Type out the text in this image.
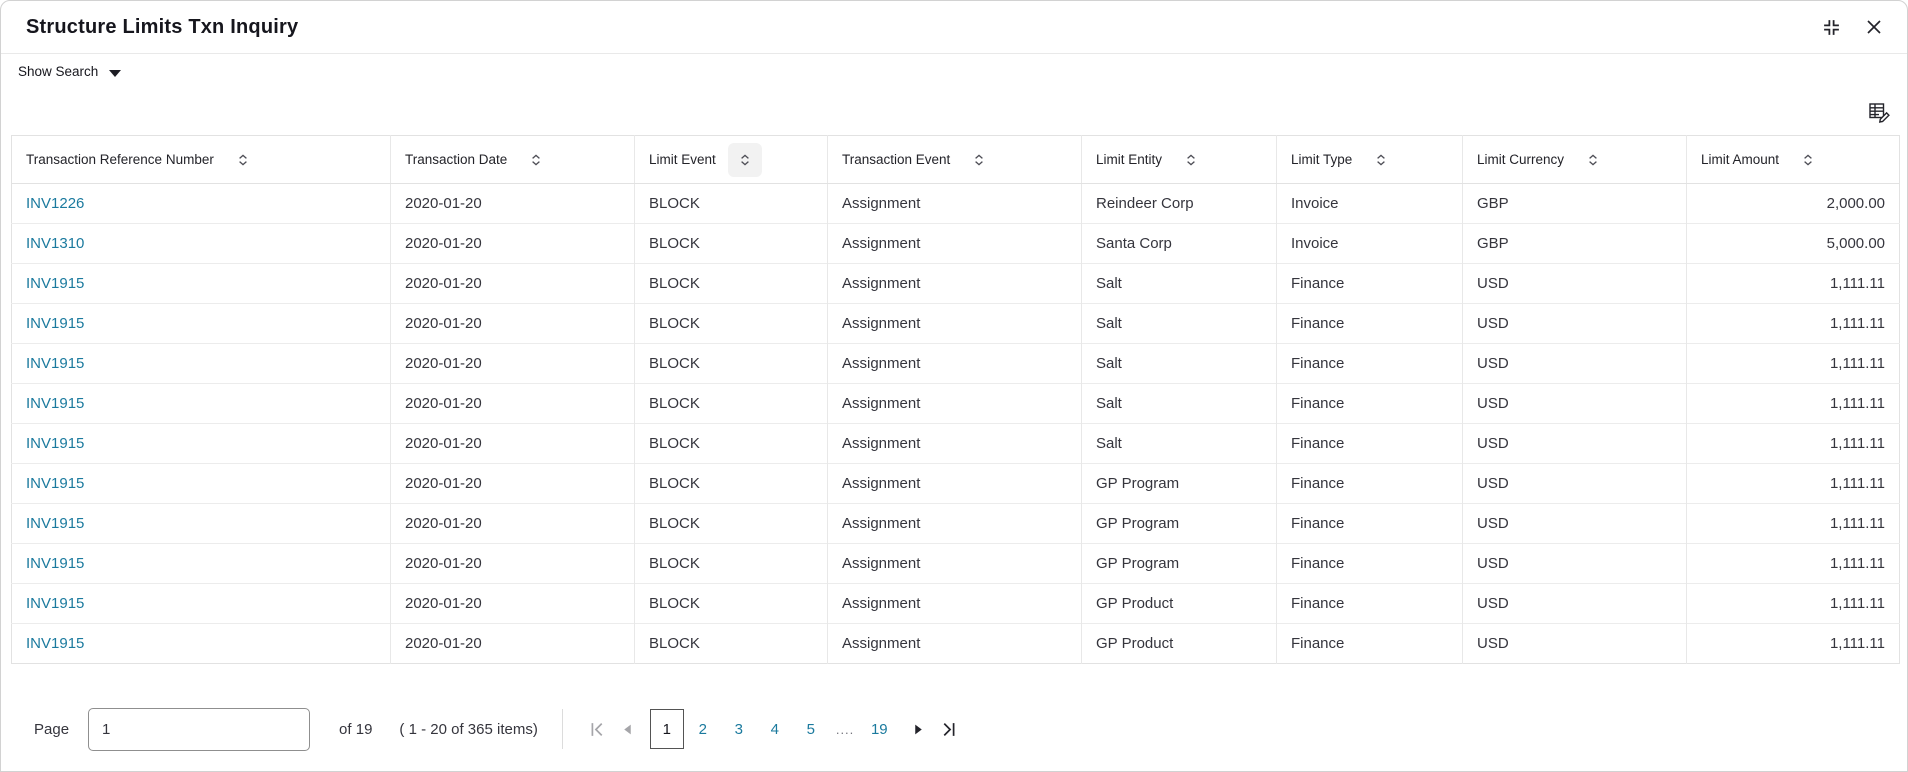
Structure Limits Txn Inquiry
Show Search
Transaction Reference Number	Transaction Date	Limit Event	Transaction Event	Limit Entity	Limit Type	Limit Currency	Limit Amount

INV1226	2020-01-20	BLOCK	Assignment	Reindeer Corp	Invoice	GBP	2,000.00
INV1310	2020-01-20	BLOCK	Assignment	Santa Corp	Invoice	GBP	5,000.00
INV1915	2020-01-20	BLOCK	Assignment	Salt	Finance	USD	1,111.11
INV1915	2020-01-20	BLOCK	Assignment	Salt	Finance	USD	1,111.11
INV1915	2020-01-20	BLOCK	Assignment	Salt	Finance	USD	1,111.11
INV1915	2020-01-20	BLOCK	Assignment	Salt	Finance	USD	1,111.11
INV1915	2020-01-20	BLOCK	Assignment	Salt	Finance	USD	1,111.11
INV1915	2020-01-20	BLOCK	Assignment	GP Program	Finance	USD	1,111.11
INV1915	2020-01-20	BLOCK	Assignment	GP Program	Finance	USD	1,111.11
INV1915	2020-01-20	BLOCK	Assignment	GP Program	Finance	USD	1,111.11
INV1915	2020-01-20	BLOCK	Assignment	GP Product	Finance	USD	1,111.11
INV1915	2020-01-20	BLOCK	Assignment	GP Product	Finance	USD	1,111.11
Page
1	of 19 ( 1 - 20 of 365 items)	1	2	3	4	5	....	19
